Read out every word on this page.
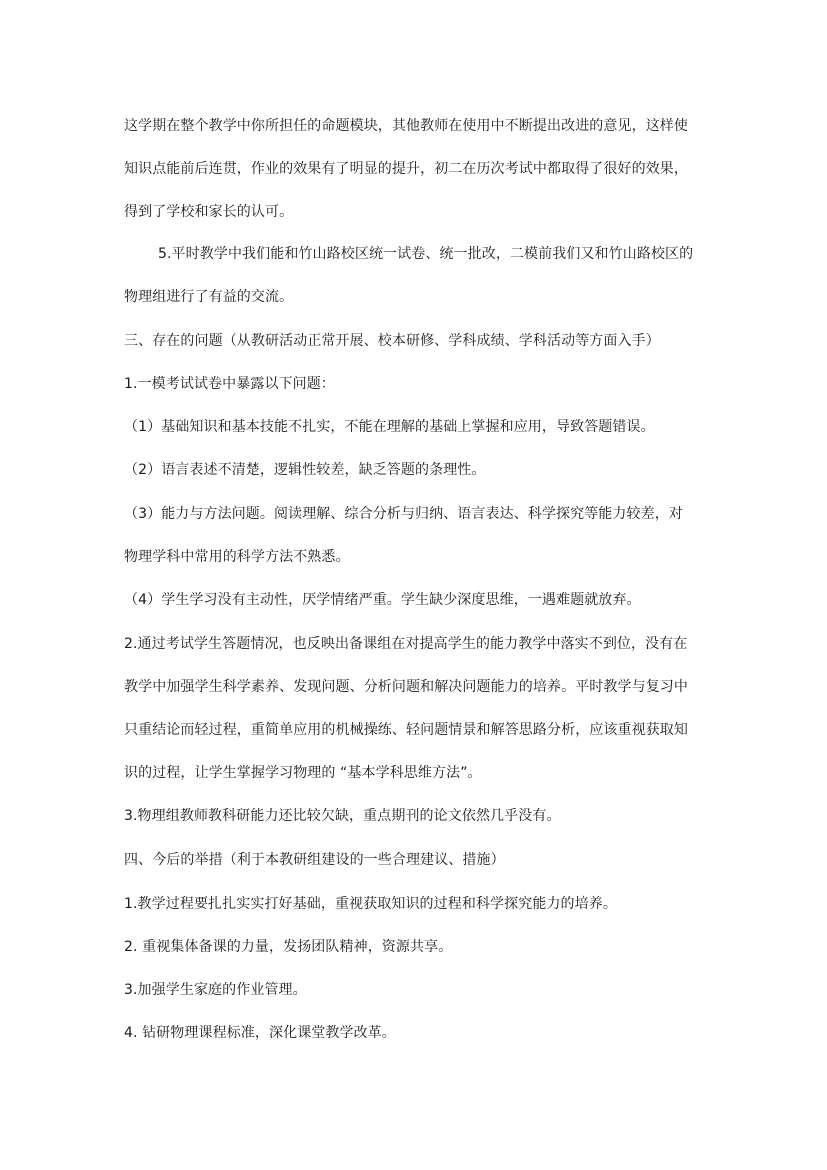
这学期在整个教学中你所担任的命题模块，其他教师在使用中不断提出改进的意见，这样使
知识点能前后连贯，作业的效果有了明显的提升，初二在历次考试中都取得了很好的效果，
得到了学校和家长的认可。
5.平时教学中我们能和竹山路校区统一试卷、统一批改，二模前我们又和竹山路校区的
物理组进行了有益的交流。
三、存在的问题（从教研活动正常开展、校本研修、学科成绩、学科活动等方面入手）
1.一模考试试卷中暴露以下问题：
（1）基础知识和基本技能不扎实，不能在理解的基础上掌握和应用，导致答题错误。
（2）语言表述不清楚，逻辑性较差，缺乏答题的条理性。
（3）能力与方法问题。阅读理解、综合分析与归纳、语言表达、科学探究等能力较差，对
物理学科中常用的科学方法不熟悉。
（4）学生学习没有主动性，厌学情绪严重。学生缺少深度思维，一遇难题就放弃。
2.通过考试学生答题情况，也反映出备课组在对提高学生的能力教学中落实不到位，没有在
教学中加强学生科学素养、发现问题、分析问题和解决问题能力的培养。平时教学与复习中
只重结论而轻过程，重简单应用的机械操练、轻问题情景和解答思路分析，应该重视获取知
识的过程，让学生掌握学习物理的 “基本学科思维方法”。
3.物理组教师教科研能力还比较欠缺，重点期刊的论文依然几乎没有。
四、今后的举措（利于本教研组建设的一些合理建议、措施）
1.教学过程要扎扎实实打好基础，重视获取知识的过程和科学探究能力的培养。
2. 重视集体备课的力量，发扬团队精神，资源共享。
3.加强学生家庭的作业管理。
4. 钻研物理课程标准，深化课堂教学改革。
